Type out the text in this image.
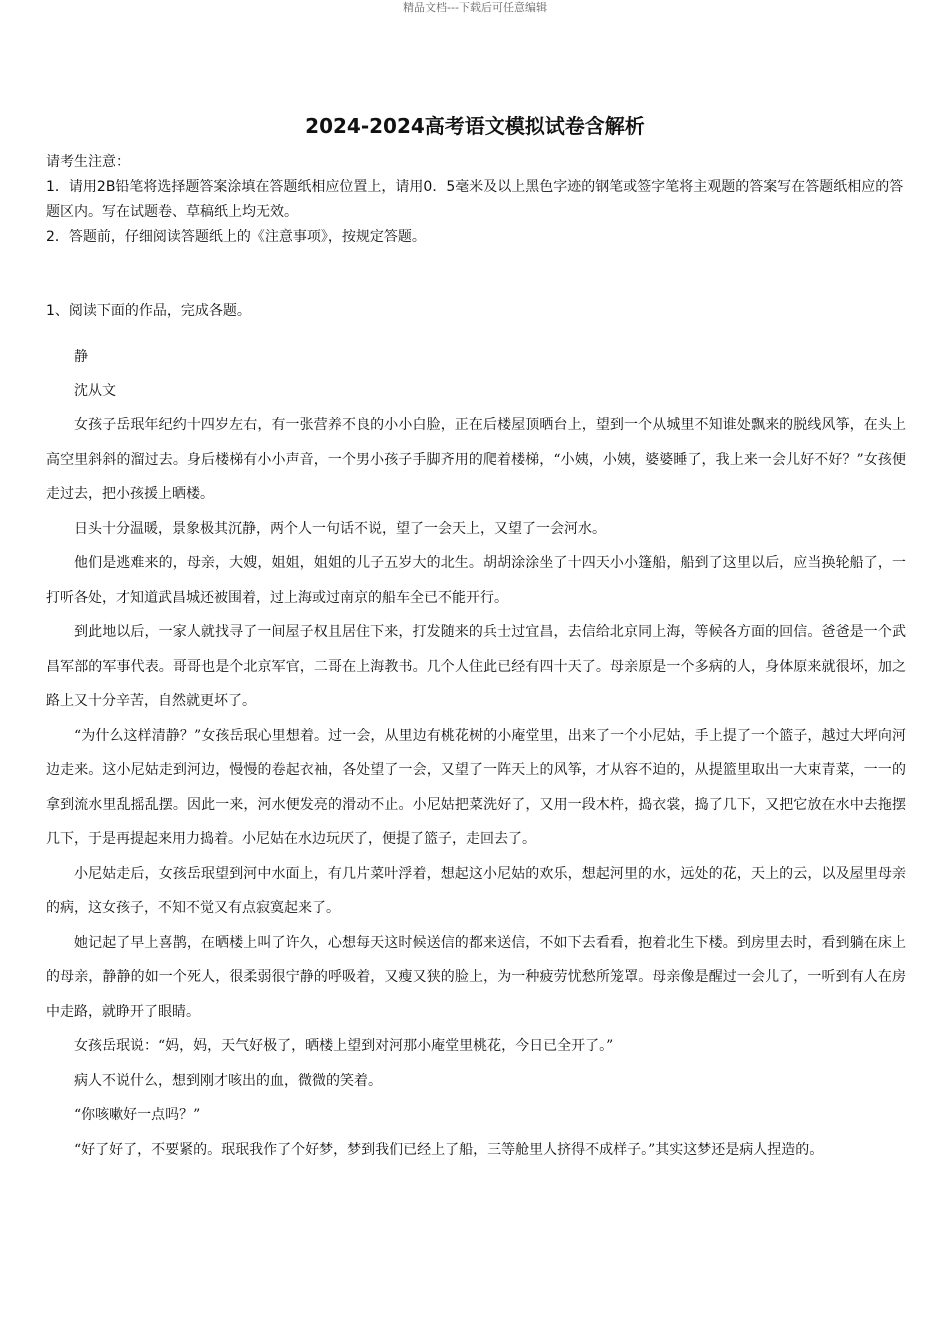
精品文档---下载后可任意编辑
2024-2024高考语文模拟试卷含解析

请考生注意：

1．请用2B铅笔将选择题答案涂填在答题纸相应位置上，请用0．5毫米及以上黑色字迹的钢笔或签字笔将主观题的答案写在答题纸相应的答题区内。写在试题卷、草稿纸上均无效。

2．答题前，仔细阅读答题纸上的《注意事项》，按规定答题。

1、阅读下面的作品，完成各题。

静

沈从文

女孩子岳珉年纪约十四岁左右，有一张营养不良的小小白脸，正在后楼屋顶晒台上，望到一个从城里不知谁处飘来的脱线风筝，在头上高空里斜斜的溜过去。身后楼梯有小小声音，一个男小孩子手脚齐用的爬着楼梯，“小姨，小姨，婆婆睡了，我上来一会儿好不好？”女孩便走过去，把小孩援上晒楼。

日头十分温暖，景象极其沉静，两个人一句话不说，望了一会天上，又望了一会河水。

他们是逃难来的，母亲，大嫂，姐姐，姐姐的儿子五岁大的北生。胡胡涂涂坐了十四天小小篷船，船到了这里以后，应当换轮船了，一打听各处，才知道武昌城还被围着，过上海或过南京的船车全已不能开行。

到此地以后，一家人就找寻了一间屋子权且居住下来，打发随来的兵士过宜昌，去信给北京同上海，等候各方面的回信。爸爸是一个武昌军部的军事代表。哥哥也是个北京军官，二哥在上海教书。几个人住此已经有四十天了。母亲原是一个多病的人，身体原来就很坏，加之路上又十分辛苦，自然就更坏了。

“为什么这样清静？”女孩岳珉心里想着。过一会，从里边有桃花树的小庵堂里，出来了一个小尼姑，手上提了一个篮子，越过大坪向河边走来。这小尼姑走到河边，慢慢的卷起衣袖，各处望了一会，又望了一阵天上的风筝，才从容不迫的，从提篮里取出一大束青菜，一一的拿到流水里乱摇乱摆。因此一来，河水便发亮的滑动不止。小尼姑把菜洗好了，又用一段木杵，捣衣裳，捣了几下，又把它放在水中去拖摆几下，于是再提起来用力捣着。小尼姑在水边玩厌了，便提了篮子，走回去了。

小尼姑走后，女孩岳珉望到河中水面上，有几片菜叶浮着，想起这小尼姑的欢乐，想起河里的水，远处的花，天上的云，以及屋里母亲的病，这女孩子，不知不觉又有点寂寞起来了。

她记起了早上喜鹊，在晒楼上叫了许久，心想每天这时候送信的都来送信，不如下去看看，抱着北生下楼。到房里去时，看到躺在床上的母亲，静静的如一个死人，很柔弱很宁静的呼吸着，又瘦又狭的脸上，为一种疲劳忧愁所笼罩。母亲像是醒过一会儿了，一听到有人在房中走路，就睁开了眼睛。

女孩岳珉说：“妈，妈，天气好极了，晒楼上望到对河那小庵堂里桃花，今日已全开了。”

病人不说什么，想到刚才咳出的血，微微的笑着。

“你咳嗽好一点吗？”

“好了好了，不要紧的。珉珉我作了个好梦，梦到我们已经上了船，三等舱里人挤得不成样子。”其实这梦还是病人捏造的。
